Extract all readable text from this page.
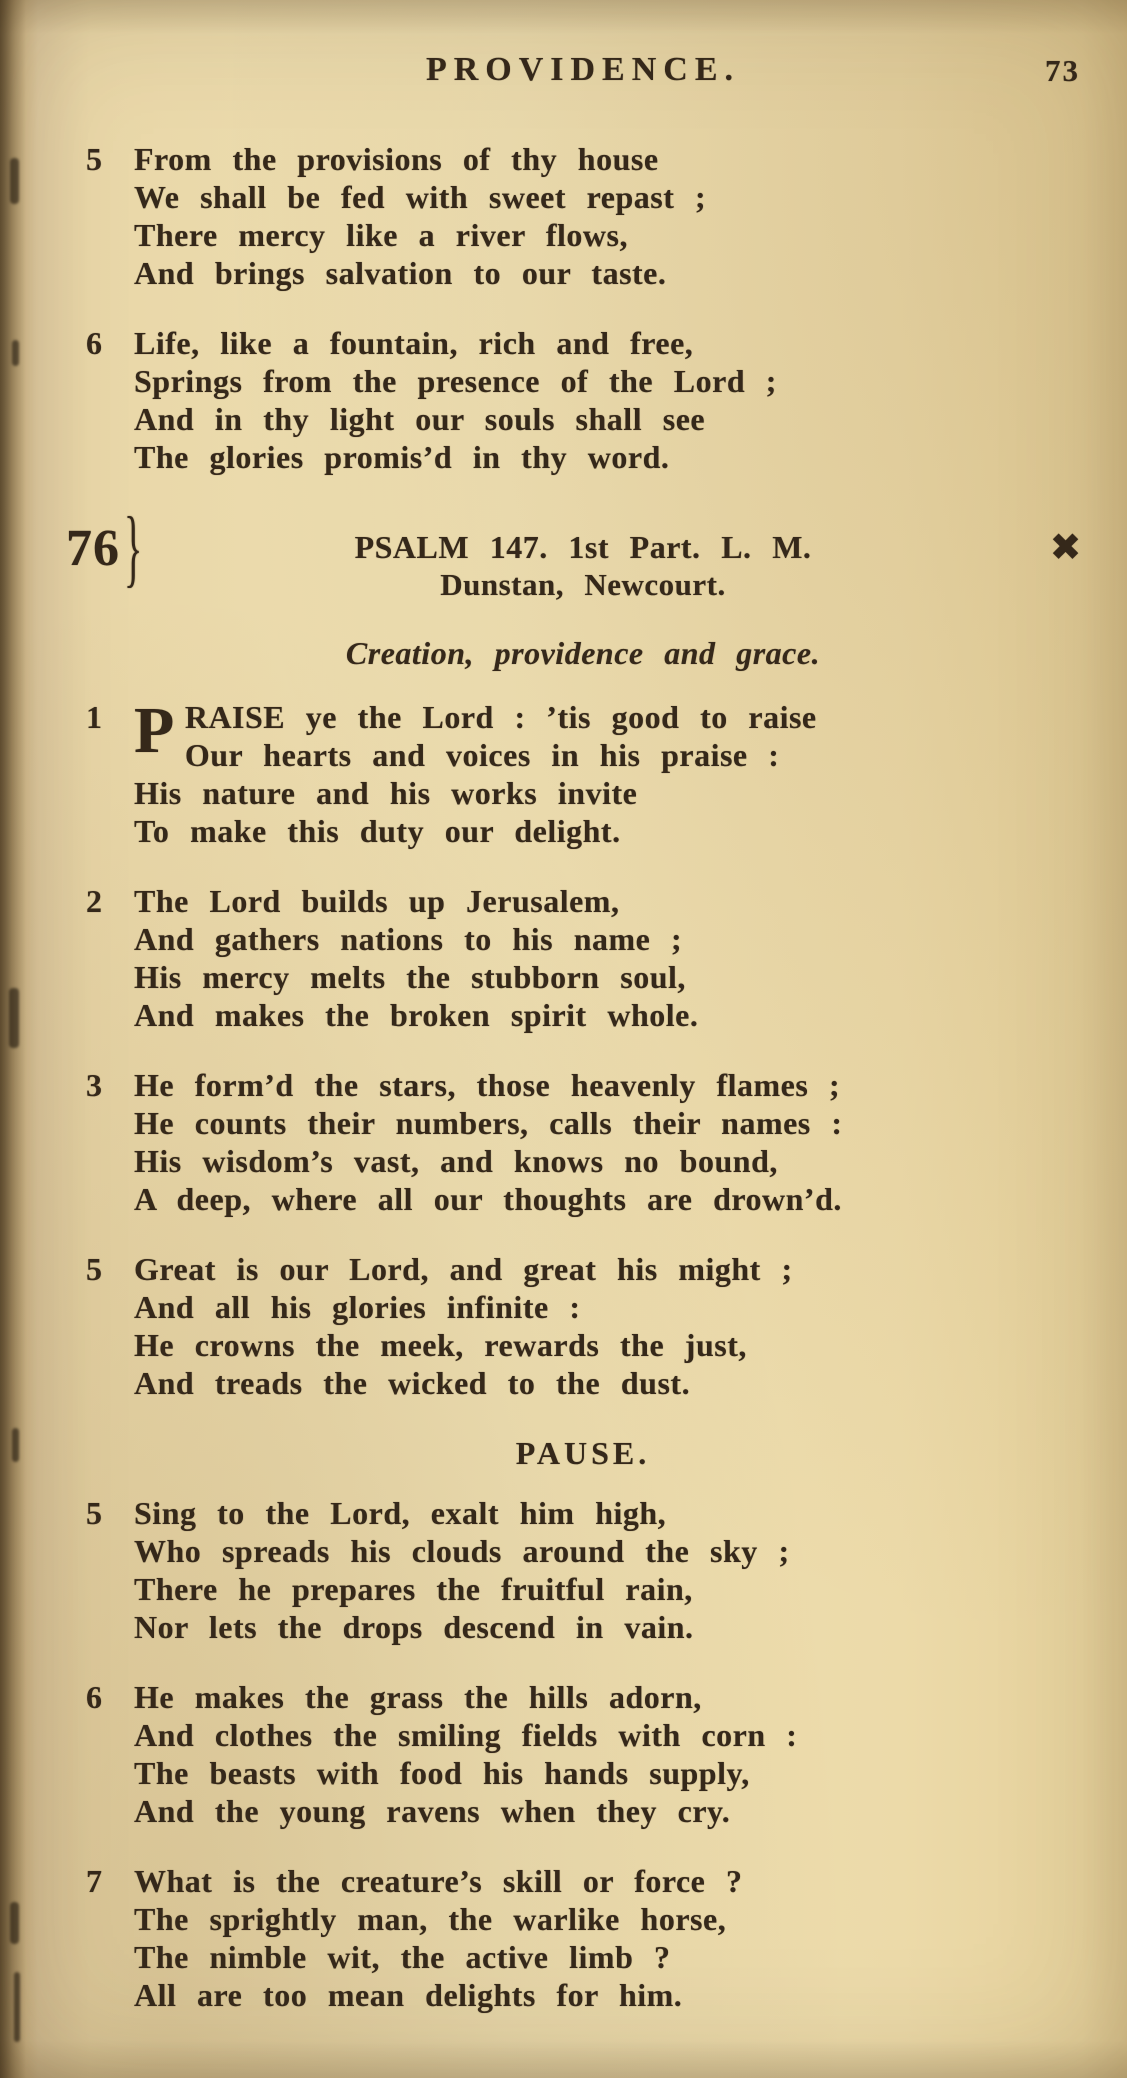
PROVIDENCE.	73
5 From the provisions of thy house
We shall be fed with sweet repast ;
There mercy like a river flows,
And brings salvation to our taste.
6 Life, like a fountain, rich and free,
Springs from the presence of the Lord ;
And in thy light our souls shall see
The glories promis’d in thy word.
76 }	PSALM 147. 1st Part. L. M.
Dunstan, Newcourt.
✖
Creation, providence and grace.
1 P RAISE ye the Lord : ’tis good to raise
Our hearts and voices in his praise :
His nature and his works invite
To make this duty our delight.
2 The Lord builds up Jerusalem,
And gathers nations to his name ;
His mercy melts the stubborn soul,
And makes the broken spirit whole.
3 He form’d the stars, those heavenly flames ;
He counts their numbers, calls their names :
His wisdom’s vast, and knows no bound,
A deep, where all our thoughts are drown’d.
5 Great is our Lord, and great his might ;
And all his glories infinite :
He crowns the meek, rewards the just,
And treads the wicked to the dust.
PAUSE.
5 Sing to the Lord, exalt him high,
Who spreads his clouds around the sky ;
There he prepares the fruitful rain,
Nor lets the drops descend in vain.
6 He makes the grass the hills adorn,
And clothes the smiling fields with corn :
The beasts with food his hands supply,
And the young ravens when they cry.
7 What is the creature’s skill or force ?
The sprightly man, the warlike horse,
The nimble wit, the active limb ?
All are too mean delights for him.
